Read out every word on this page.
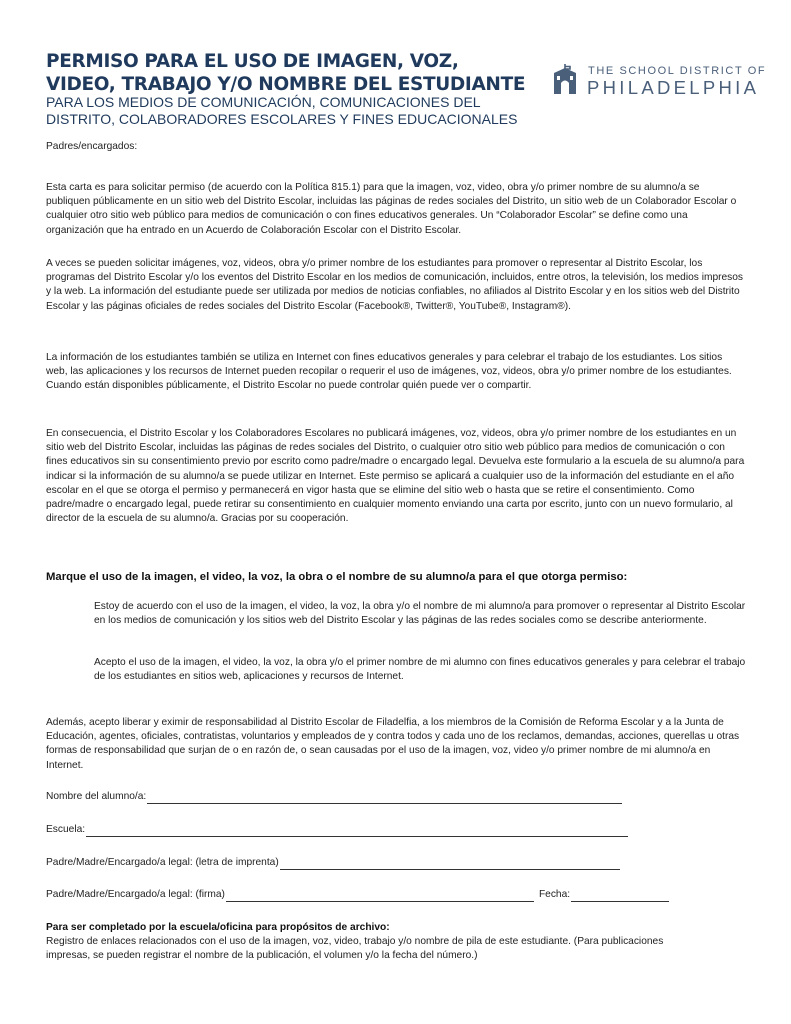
PERMISO PARA EL USO DE IMAGEN, VOZ, VIDEO, TRABAJO Y/O NOMBRE DEL ESTUDIANTE

PARA LOS MEDIOS DE COMUNICACIÓN, COMUNICACIONES DEL DISTRITO, COLABORADORES ESCOLARES Y FINES EDUCACIONALES

THE SCHOOL DISTRICT OF
PHILADELPHIA

Padres/encargados:

Esta carta es para solicitar permiso (de acuerdo con la Política 815.1) para que la imagen, voz, video, obra y/o primer nombre de su alumno/a se publiquen públicamente en un sitio web del Distrito Escolar, incluidas las páginas de redes sociales del Distrito, un sitio web de un Colaborador Escolar o cualquier otro sitio web público para medios de comunicación o con fines educativos generales. Un “Colaborador Escolar” se define como una organización que ha entrado en un Acuerdo de Colaboración Escolar con el Distrito Escolar.

A veces se pueden solicitar imágenes, voz, videos, obra y/o primer nombre de los estudiantes para promover o representar al Distrito Escolar, los programas del Distrito Escolar y/o los eventos del Distrito Escolar en los medios de comunicación, incluidos, entre otros, la televisión, los medios impresos y la web. La información del estudiante puede ser utilizada por medios de noticias confiables, no afiliados al Distrito Escolar y en los sitios web del Distrito Escolar y las páginas oficiales de redes sociales del Distrito Escolar (Facebook®, Twitter®, YouTube®, Instagram®).

La información de los estudiantes también se utiliza en Internet con fines educativos generales y para celebrar el trabajo de los estudiantes. Los sitios web, las aplicaciones y los recursos de Internet pueden recopilar o requerir el uso de imágenes, voz, videos, obra y/o primer nombre de los estudiantes. Cuando están disponibles públicamente, el Distrito Escolar no puede controlar quién puede ver o compartir.

En consecuencia, el Distrito Escolar y los Colaboradores Escolares no publicará imágenes, voz, videos, obra y/o primer nombre de los estudiantes en un sitio web del Distrito Escolar, incluidas las páginas de redes sociales del Distrito, o cualquier otro sitio web público para medios de comunicación o con fines educativos sin su consentimiento previo por escrito como padre/madre o encargado legal. Devuelva este formulario a la escuela de su alumno/a para indicar si la información de su alumno/a se puede utilizar en Internet. Este permiso se aplicará a cualquier uso de la información del estudiante en el año escolar en el que se otorga el permiso y permanecerá en vigor hasta que se elimine del sitio web o hasta que se retire el consentimiento. Como padre/madre o encargado legal, puede retirar su consentimiento en cualquier momento enviando una carta por escrito, junto con un nuevo formulario, al director de la escuela de su alumno/a. Gracias por su cooperación.

Marque el uso de la imagen, el video, la voz, la obra o el nombre de su alumno/a para el que otorga permiso:

Estoy de acuerdo con el uso de la imagen, el video, la voz, la obra y/o el nombre de mi alumno/a para promover o representar al Distrito Escolar en los medios de comunicación y los sitios web del Distrito Escolar y las páginas de las redes sociales como se describe anteriormente.

Acepto el uso de la imagen, el video, la voz, la obra y/o el primer nombre de mi alumno con fines educativos generales y para celebrar el trabajo de los estudiantes en sitios web, aplicaciones y recursos de Internet.

Además, acepto liberar y eximir de responsabilidad al Distrito Escolar de Filadelfia, a los miembros de la Comisión de Reforma Escolar y a la Junta de Educación, agentes, oficiales, contratistas, voluntarios y empleados de y contra todos y cada uno de los reclamos, demandas, acciones, querellas u otras formas de responsabilidad que surjan de o en razón de, o sean causadas por el uso de la imagen, voz, video y/o primer nombre de mi alumno/a en Internet.

Nombre del alumno/a:
Escuela:
Padre/Madre/Encargado/a legal: (letra de imprenta)
Padre/Madre/Encargado/a legal: (firma)	Fecha:

Para ser completado por la escuela/oficina para propósitos de archivo:

Registro de enlaces relacionados con el uso de la imagen, voz, video, trabajo y/o nombre de pila de este estudiante. (Para publicaciones impresas, se pueden registrar el nombre de la publicación, el volumen y/o la fecha del número.)
